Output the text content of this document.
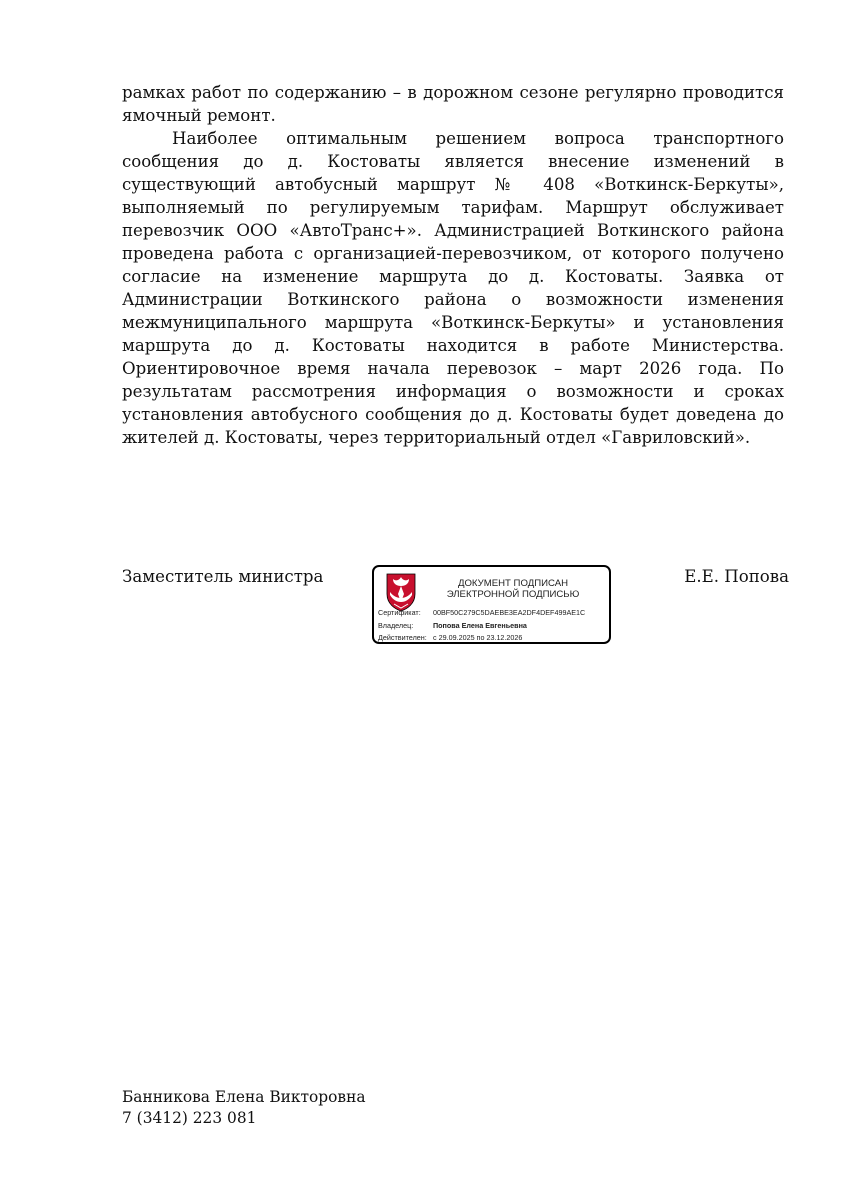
рамках работ по содержанию – в дорожном сезоне регулярно проводится ямочный ремонт.

Наиболее оптимальным решением вопроса транспортного сообщения до д. Костоваты является внесение изменений в существующий автобусный маршрут № 408 «Воткинск-Беркуты», выполняемый по регулируемым тарифам. Маршрут обслуживает перевозчик ООО «АвтоТранс+». Администрацией Воткинского района проведена работа с организацией-перевозчиком, от которого получено согласие на изменение маршрута до д. Костоваты. Заявка от Администрации Воткинского района о возможности изменения межмуниципального маршрута «Воткинск-Беркуты» и установления маршрута до д. Костоваты находится в работе Министерства. Ориентировочное время начала перевозок – март 2026 года. По результатам рассмотрения информация о возможности и сроках установления автобусного сообщения до д. Костоваты будет доведена до жителей д. Костоваты, через территориальный отдел «Гавриловский».

Заместитель министра	ДОКУМЕНТ ПОДПИСАН
ЭЛЕКТРОННОЙ ПОДПИСЬЮ
Сертификат: 00BF50C279C5DAEBE3EA2DF4DEF499AE1C
Владелец:	Попова Елена Евгеньевна
Действителен: с 29.09.2025 по 23.12.2026
Е.Е. Попова
Банникова Елена Викторовна
7 (3412) 223 081
